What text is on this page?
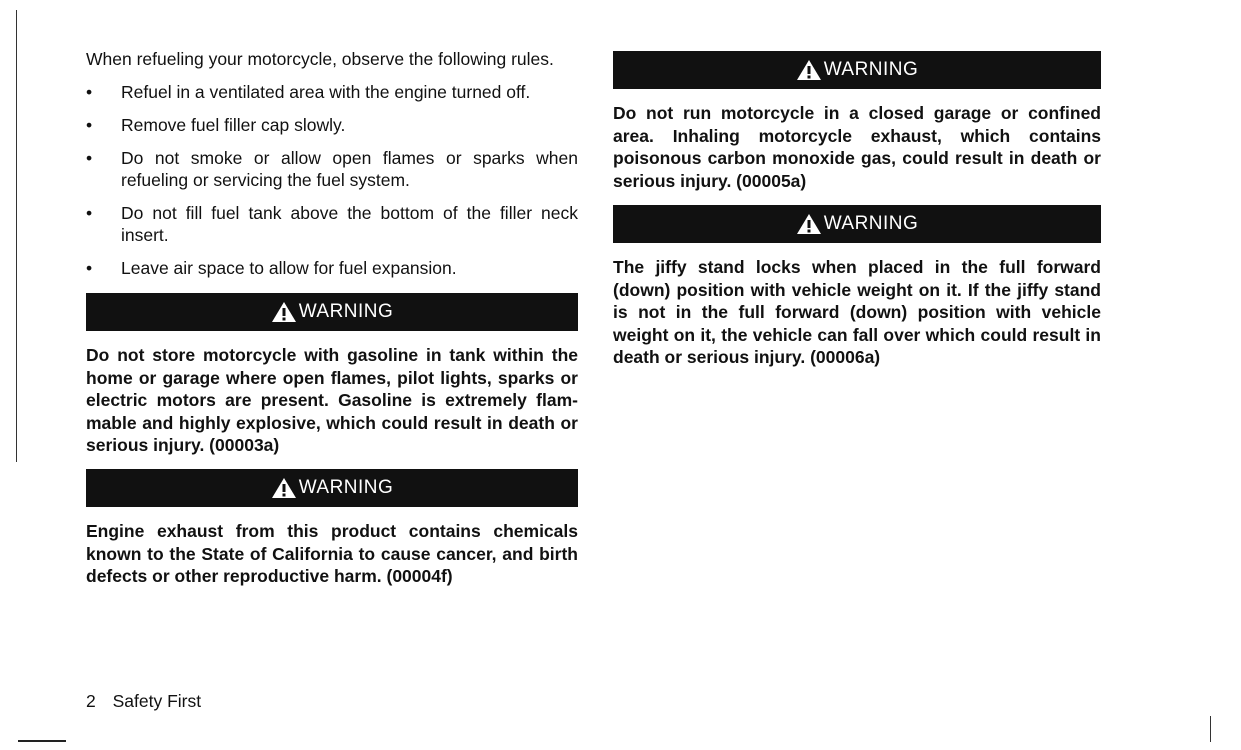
When refueling your motorcycle, observe the following rules.

• Refuel in a ventilated area with the engine turned off.
• Remove fuel filler cap slowly.
• Do not smoke or allow open flames or sparks when refueling or servicing the fuel system.
• Do not fill fuel tank above the bottom of the filler neck insert.
• Leave air space to allow for fuel expansion.
WARNING

Do not store motorcycle with gasoline in tank within the home or garage where open flames, pilot lights, sparks or electric motors are present. Gasoline is extremely flam-mable and highly explosive, which could result in death or serious injury. (00003a)

WARNING

Engine exhaust from this product contains chemicals known to the State of California to cause cancer, and birth defects or other reproductive harm. (00004f)

WARNING

Do not run motorcycle in a closed garage or confined area. Inhaling motorcycle exhaust, which contains poisonous carbon monoxide gas, could result in death or serious injury. (00005a)

WARNING

The jiffy stand locks when placed in the full forward (down) position with vehicle weight on it. If the jiffy stand is not in the full forward (down) position with vehicle weight on it, the vehicle can fall over which could result in death or serious injury. (00006a)

2 Safety First
